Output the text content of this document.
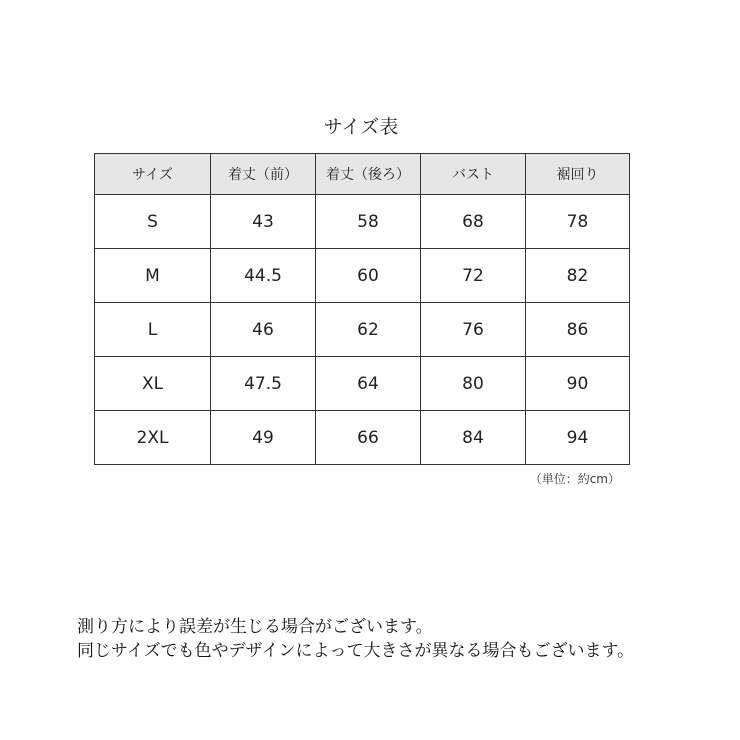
サイズ表
サイズ	着丈（前）	着丈（後ろ）	バスト	裾回り
S	43	58	68	78
M	44.5	60	72	82
L	46	62	76	86
XL	47.5	64	80	90
2XL	49	66	84	94
（単位：約cm）
測り方により誤差が生じる場合がございます。
同じサイズでも色やデザインによって大きさが異なる場合もございます。
